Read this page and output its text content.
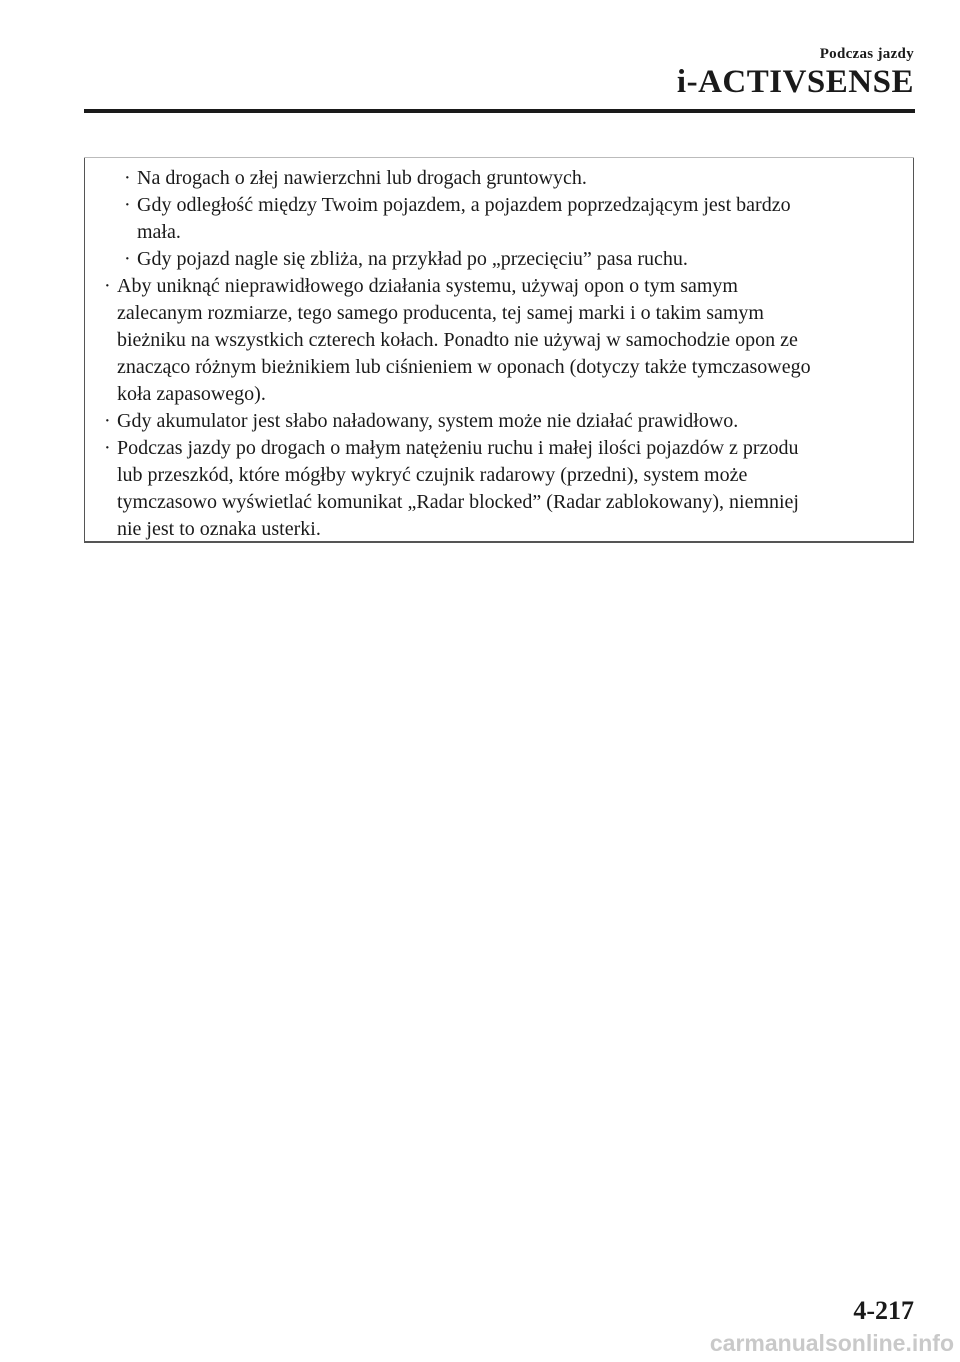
Podczas jazdy
i-ACTIVSENSE
· Na drogach o złej nawierzchni lub drogach gruntowych.
· Gdy odległość między Twoim pojazdem, a pojazdem poprzedzającym jest bardzo
mała.
· Gdy pojazd nagle się zbliża, na przykład po „przecięciu” pasa ruchu.
· Aby uniknąć nieprawidłowego działania systemu, używaj opon o tym samym
zalecanym rozmiarze, tego samego producenta, tej samej marki i o takim samym
bieżniku na wszystkich czterech kołach. Ponadto nie używaj w samochodzie opon ze
znacząco różnym bieżnikiem lub ciśnieniem w oponach (dotyczy także tymczasowego
koła zapasowego).
· Gdy akumulator jest słabo naładowany, system może nie działać prawidłowo.
· Podczas jazdy po drogach o małym natężeniu ruchu i małej ilości pojazdów z przodu
lub przeszkód, które mógłby wykryć czujnik radarowy (przedni), system może
tymczasowo wyświetlać komunikat „Radar blocked” (Radar zablokowany), niemniej
nie jest to oznaka usterki.
4-217
carmanualsonline.info
